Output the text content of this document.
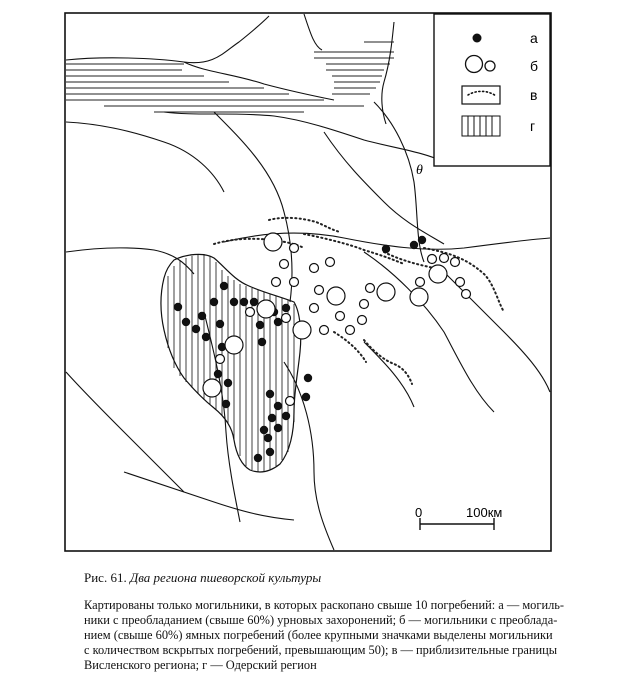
а
б
в
г
θ
0	100км
Рис. 61. Два региона пшеворской культуры
Картированы только могильники, в которых раскопано свыше 10 погребений: а — могиль-
ники с преобладанием (свыше 60%) урновых захоронений; б — могильники с преоблада-
нием (свыше 60%) ямных погребений (более крупными значками выделены могильники
с количеством вскрытых погребений, превышающим 50); в — приблизительные границы
Висленского региона; г — Одерский регион
